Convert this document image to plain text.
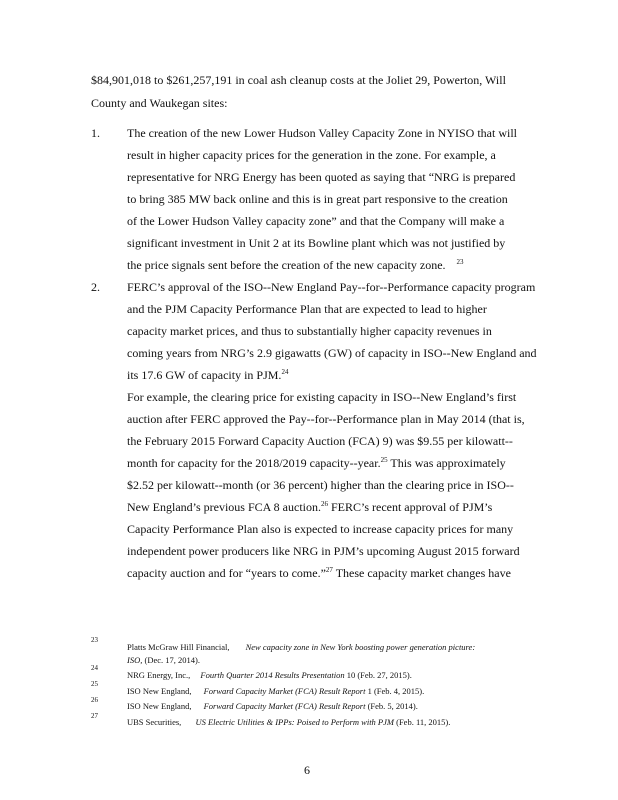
$84,901,018 to $261,257,191 in coal ash cleanup costs at the Joliet 29, Powerton, Will
County and Waukegan sites:
1. The creation of the new Lower Hudson Valley Capacity Zone in NYISO that will
result in higher capacity prices for the generation in the zone. For example, a
representative for NRG Energy has been quoted as saying that “NRG is prepared
to bring 385 MW back online and this is in great part responsive to the creation
of the Lower Hudson Valley capacity zone” and that the Company will make a
significant investment in Unit 2 at its Bowline plant which was not justified by
the price signals sent before the creation of the new capacity zone. $^{23}$
2. FERC’s approval of the ISO-‐New England Pay-‐for-‐Performance capacity program
and the PJM Capacity Performance Plan that are expected to lead to higher
capacity market prices, and thus to substantially higher capacity revenues in
coming years from NRG’s 2.9 gigawatts (GW) of capacity in ISO-‐New England and
its 17.6 GW of capacity in PJM.$^{24}$
For example, the clearing price for existing capacity in ISO-‐New England’s first
auction after FERC approved the Pay-‐for-‐Performance plan in May 2014 (that is,
the February 2015 Forward Capacity Auction (FCA) 9) was $9.55 per kilowatt-‐
month for capacity for the 2018/2019 capacity-‐year.$^{25}$ This was approximately
$2.52 per kilowatt-‐month (or 36 percent) higher than the clearing price in ISO-‐
New England’s previous FCA 8 auction.$^{26}$ FERC’s recent approval of PJM’s
Capacity Performance Plan also is expected to increase capacity prices for many
independent power producers like NRG in PJM’s upcoming August 2015 forward
capacity auction and for “years to come.”$^{27}$ These capacity market changes have
23
Platts McGraw Hill Financial, New capacity zone in New York boosting power generation picture:
ISO, (Dec. 17, 2014).
24
NRG Energy, Inc., Fourth Quarter 2014 Results Presentation 10 (Feb. 27, 2015).
25
ISO New England, Forward Capacity Market (FCA) Result Report 1 (Feb. 4, 2015).
26
ISO New England, Forward Capacity Market (FCA) Result Report (Feb. 5, 2014).
27
UBS Securities, US Electric Utilities & IPPs: Poised to Perform with PJM (Feb. 11, 2015).
6
